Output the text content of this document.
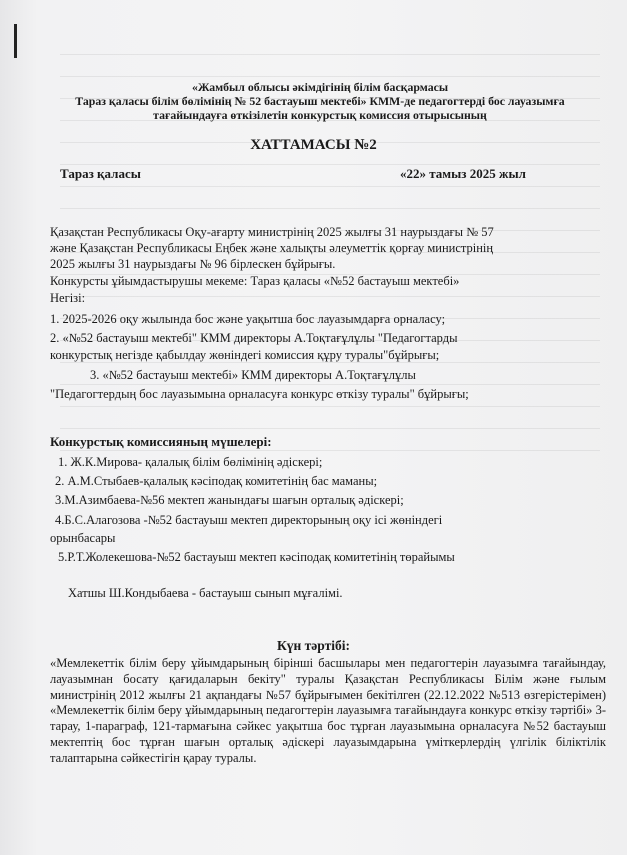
«Жамбыл облысы әкімдігінің білім басқармасы
Тараз қаласы білім бөлімінің № 52 бастауыш мектебі» КММ-де педагогтерді бос лауазымға
тағайындауға өткізілетін конкурстық комиссия отырысының
ХАТТАМАСЫ №2
Тараз қаласы	«22» тамыз 2025 жыл
Қазақстан Республикасы Оқу-ағарту министрінің 2025 жылғы 31 наурыздағы № 57
және Қазақстан Республикасы Еңбек және халықты әлеуметтік қорғау министрінің
2025 жылғы 31 наурыздағы № 96 бірлескен бұйрығы.
Конкурсты ұйымдастырушы мекеме: Тараз қаласы «№52 бастауыш мектебі»
Негізі:
1. 2025-2026 оқу жылында бос және уақытша бос лауазымдарға орналасу;
2. «№52 бастауыш мектебі" КММ директоры А.Тоқтағұлұлы "Педагогтарды
конкурстық негізде қабылдау жөніндегі комиссия құру туралы"бұйрығы;
3. «№52 бастауыш мектебі» КММ директоры А.Тоқтағұлұлы
"Педагогтердың бос лауазымына орналасуға конкурс өткізу туралы" бұйрығы;
Конкурстық комиссияның мүшелері:
1. Ж.К.Мирова- қалалық білім бөлімінің әдіскері;
2. А.М.Стыбаев-қалалық кәсіподақ комитетінің бас маманы;
3.М.Азимбаева-№56 мектеп жанындағы шағын орталық әдіскері;
4.Б.С.Алагозова -№52 бастауыш мектеп директорының оқу ісі жөніндегі
орынбасары
5.Р.Т.Жолекешова-№52 бастауыш мектеп кәсіподақ комитетінің төрайымы
Хатшы Ш.Кондыбаева - бастауыш сынып мұғалімі.
Күн тәртібі:
«Мемлекеттік білім беру ұйымдарының бірінші басшылары мен педагогтерін лауазымға тағайындау, лауазымнан босату қағидаларын бекіту" туралы Қазақстан Республикасы Білім және ғылым министрінің 2012 жылғы 21 ақпандағы №57 бұйрығымен бекітілген (22.12.2022 №513 өзгерістерімен) «Мемлекеттік білім беру ұйымдарының педагогтерін лауазымға тағайындауға конкурс өткізу тәртібі» 3-тарау, 1-параграф, 121-тармағына сәйкес уақытша бос тұрған лауазымына орналасуға №52 бастауыш мектептің бос тұрған шағын орталық әдіскері лауазымдарына үміткерлердің үлгілік біліктілік талаптарына сәйкестігін қарау туралы.
